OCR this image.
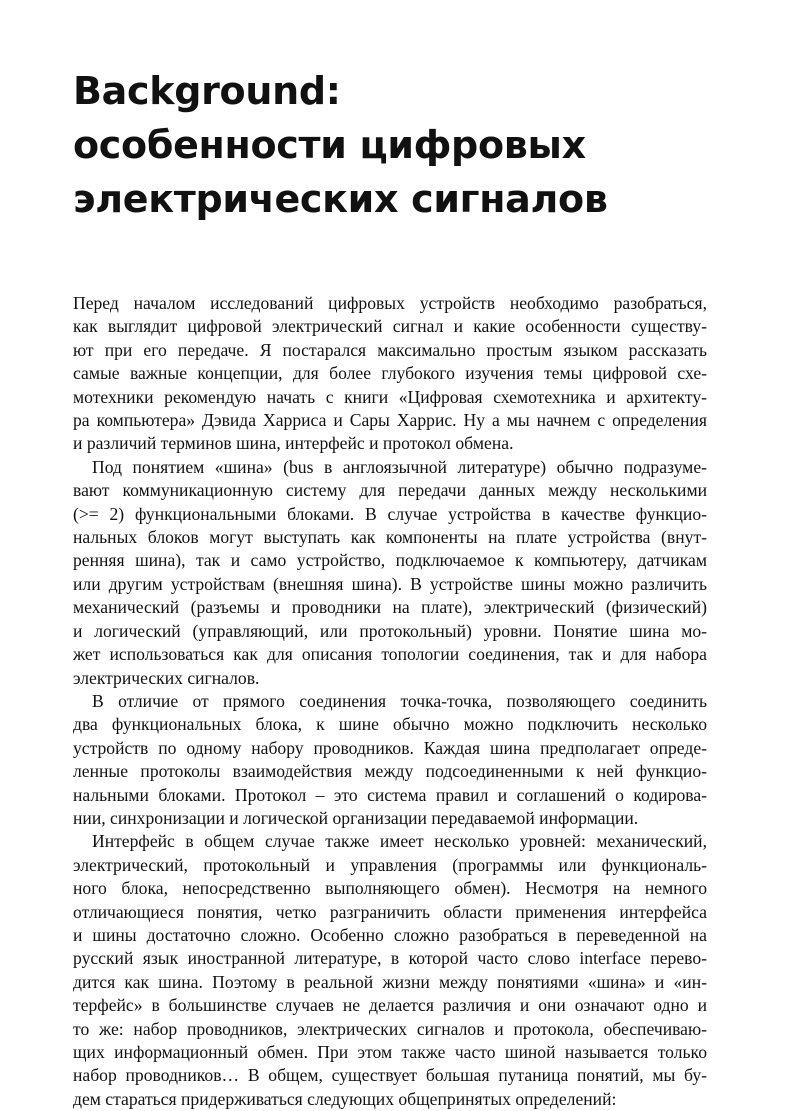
Background:
особенности цифровых
электрических сигналов
Перед началом исследований цифровых устройств необходимо разобраться,
как выглядит цифровой электрический сигнал и какие особенности существу-
ют при его передаче. Я постарался максимально простым языком рассказать
самые важные концепции, для более глубокого изучения темы цифровой схе-
мотехники рекомендую начать с книги «Цифровая схемотехника и архитекту-
ра компьютера» Дэвида Харриса и Сары Харрис. Ну а мы начнем с определения
и различий терминов шина, интерфейс и протокол обмена.
Под понятием «шина» (bus в англоязычной литературе) обычно подразуме-
вают коммуникационную систему для передачи данных между несколькими
(>= 2) функциональными блоками. В случае устройства в качестве функцио-
нальных блоков могут выступать как компоненты на плате устройства (внут-
ренняя шина), так и само устройство, подключаемое к компьютеру, датчикам
или другим устройствам (внешняя шина). В устройстве шины можно различить
механический (разъемы и проводники на плате), электрический (физический)
и логический (управляющий, или протокольный) уровни. Понятие шина мо-
жет использоваться как для описания топологии соединения, так и для набора
электрических сигналов.
В отличие от прямого соединения точка-точка, позволяющего соединить
два функциональных блока, к шине обычно можно подключить несколько
устройств по одному набору проводников. Каждая шина предполагает опреде-
ленные протоколы взаимодействия между подсоединенными к ней функцио-
нальными блоками. Протокол – это система правил и соглашений о кодирова-
нии, синхронизации и логической организации передаваемой информации.
Интерфейс в общем случае также имеет несколько уровней: механический,
электрический, протокольный и управления (программы или функциональ-
ного блока, непосредственно выполняющего обмен). Несмотря на немного
отличающиеся понятия, четко разграничить области применения интерфейса
и шины достаточно сложно. Особенно сложно разобраться в переведенной на
русский язык иностранной литературе, в которой часто слово interface перево-
дится как шина. Поэтому в реальной жизни между понятиями «шина» и «ин-
терфейс» в большинстве случаев не делается различия и они означают одно и
то же: набор проводников, электрических сигналов и протокола, обеспечиваю-
щих информационный обмен. При этом также часто шиной называется только
набор проводников… В общем, существует большая путаница понятий, мы бу-
дем стараться придерживаться следующих общепринятых определений:
